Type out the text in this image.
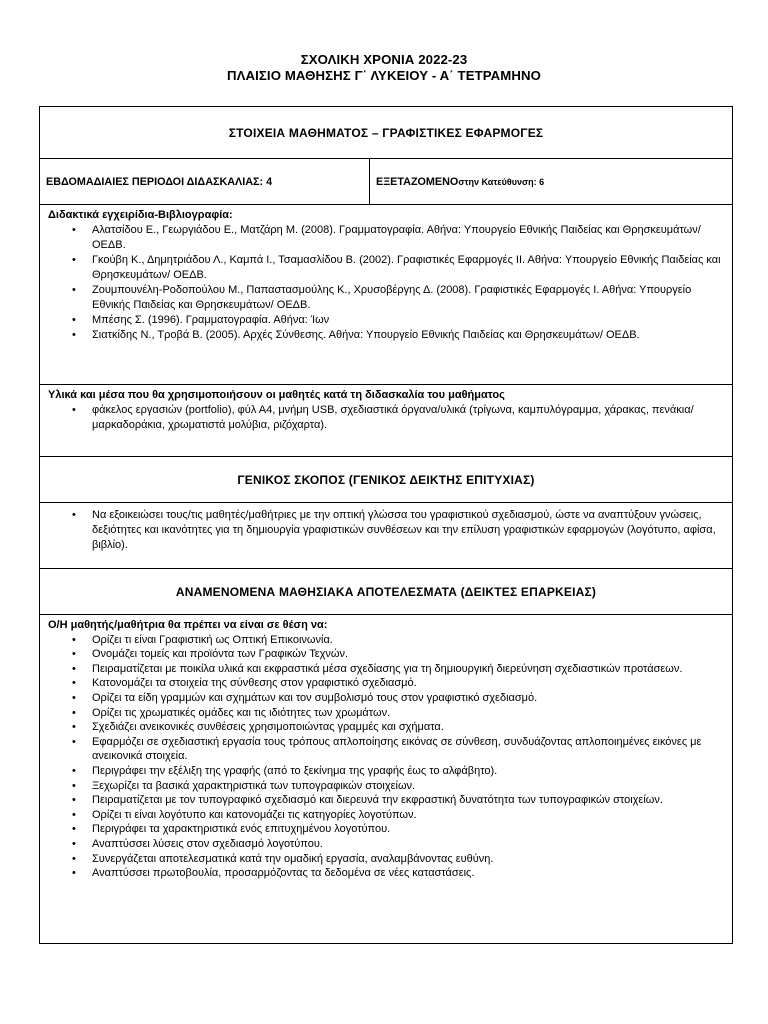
ΣΧΟΛΙΚΗ ΧΡΟΝΙΑ 2022-23
ΠΛΑΙΣΙΟ ΜΑΘΗΣΗΣ Γ΄ ΛΥΚΕΙΟΥ - Α΄ ΤΕΤΡΑΜΗΝΟ
ΣΤΟΙΧΕΙΑ ΜΑΘΗΜΑΤΟΣ – ΓΡΑΦΙΣΤΙΚΕΣ ΕΦΑΡΜΟΓΕΣ
ΕΒΔΟΜΑΔΙΑΙΕΣ ΠΕΡΙΟΔΟΙ ΔΙΔΑΣΚΑΛΙΑΣ: 4	ΕΞΕΤΑΖΟΜΕΝΟ στην Κατεύθυνση: 6
Διδακτικά εγχειρίδια-Βιβλιογραφία:
• Αλατσίδου Ε., Γεωργιάδου Ε., Ματζάρη Μ. (2008). Γραμματογραφία. Αθήνα: Υπουργείο Εθνικής Παιδείας και Θρησκευμάτων/ ΟΕΔΒ.
• Γκούβη Κ., Δημητριάδου Λ., Καμπά Ι., Τσαμασλίδου Β. (2002). Γραφιστικές Εφαρμογές ΙΙ. Αθήνα: Υπουργείο Εθνικής Παιδείας και Θρησκευμάτων/ ΟΕΔΒ.
• Ζουμπουνέλη-Ροδοπούλου Μ., Παπαστασμούλης Κ., Χρυσοβέργης Δ. (2008). Γραφιστικές Εφαρμογές Ι. Αθήνα: Υπουργείο Εθνικής Παιδείας και Θρησκευμάτων/ ΟΕΔΒ.
• Μπέσης Σ. (1996). Γραμματογραφία. Αθήνα: Ίων
• Σιατκίδης Ν., Τροβά Β. (2005). Αρχές Σύνθεσης. Αθήνα: Υπουργείο Εθνικής Παιδείας και Θρησκευμάτων/ ΟΕΔΒ.
Υλικά και μέσα που θα χρησιμοποιήσουν οι μαθητές κατά τη διδασκαλία του μαθήματος
• φάκελος εργασιών (portfolio), φύλ Α4, μνήμη USB, σχεδιαστικά όργανα/υλικά (τρίγωνα, καμπυλόγραμμα, χάρακας, πενάκια/μαρκαδοράκια, χρωματιστά μολύβια, ριζόχαρτα).
ΓΕΝΙΚΟΣ ΣΚΟΠΟΣ (ΓΕΝΙΚΟΣ ΔΕΙΚΤΗΣ ΕΠΙΤΥΧΙΑΣ)
• Να εξοικειώσει τους/τις μαθητές/μαθήτριες με την οπτική γλώσσα του γραφιστικού σχεδιασμού, ώστε να αναπτύξουν γνώσεις, δεξιότητες και ικανότητες για τη δημιουργία γραφιστικών συνθέσεων και την επίλυση γραφιστικών εφαρμογών (λογότυπο, αφίσα, βιβλίο).
ΑΝΑΜΕΝΟΜΕΝΑ ΜΑΘΗΣΙΑΚΑ ΑΠΟΤΕΛΕΣΜΑΤΑ (ΔΕΙΚΤΕΣ ΕΠΑΡΚΕΙΑΣ)
Ο/Η μαθητής/μαθήτρια θα πρέπει να είναι σε θέση να:
• Ορίζει τι είναι Γραφιστική ως Οπτική Επικοινωνία.
• Ονομάζει τομείς και προϊόντα των Γραφικών Τεχνών.
• Πειραματίζεται με ποικίλα υλικά και εκφραστικά μέσα σχεδίασης για τη δημιουργική διερεύνηση σχεδιαστικών προτάσεων.
• Κατονομάζει τα στοιχεία της σύνθεσης στον γραφιστικό σχεδιασμό.
• Ορίζει τα είδη γραμμών και σχημάτων και τον συμβολισμό τους στον γραφιστικό σχεδιασμό.
• Ορίζει τις χρωματικές ομάδες και τις ιδιότητες των χρωμάτων.
• Σχεδιάζει ανεικονικές συνθέσεις χρησιμοποιώντας γραμμές και σχήματα.
• Εφαρμόζει σε σχεδιαστική εργασία τους τρόπους απλοποίησης εικόνας σε σύνθεση, συνδυάζοντας απλοποιημένες εικόνες με ανεικονικά στοιχεία.
• Περιγράφει την εξέλιξη της γραφής (από το ξεκίνημα της γραφής έως το αλφάβητο).
• Ξεχωρίζει τα βασικά χαρακτηριστικά των τυπογραφικών στοιχείων.
• Πειραματίζεται με τον τυπογραφικό σχεδιασμό και διερευνά την εκφραστική δυνατότητα των τυπογραφικών στοιχείων.
• Ορίζει τι είναι λογότυπο και κατονομάζει τις κατηγορίες λογοτύπων.
• Περιγράφει τα χαρακτηριστικά ενός επιτυχημένου λογοτύπου.
• Αναπτύσσει λύσεις στον σχεδιασμό λογοτύπου.
• Συνεργάζεται αποτελεσματικά κατά την ομαδική εργασία, αναλαμβάνοντας ευθύνη.
• Αναπτύσσει πρωτοβουλία, προσαρμόζοντας τα δεδομένα σε νέες καταστάσεις.
